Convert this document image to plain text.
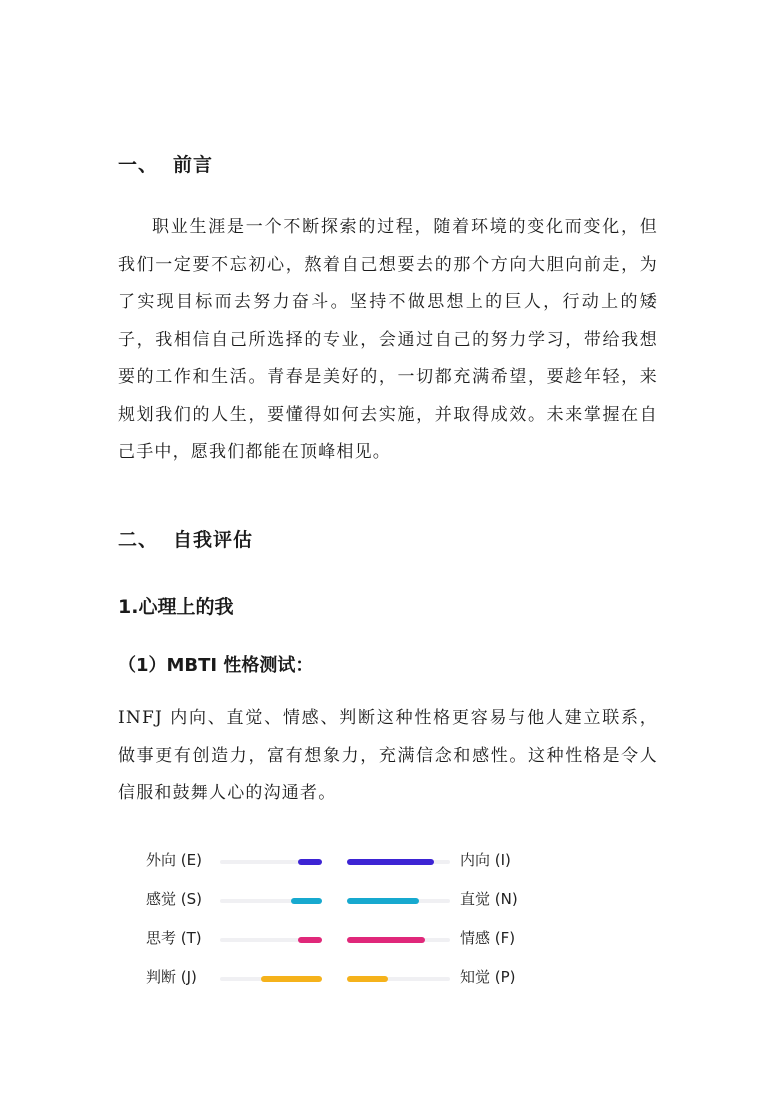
一、 前言
职业生涯是一个不断探索的过程，随着环境的变化而变化，但我们一定要不忘初心，熬着自己想要去的那个方向大胆向前走，为了实现目标而去努力奋斗。坚持不做思想上的巨人，行动上的矮子，我相信自己所选择的专业，会通过自己的努力学习，带给我想要的工作和生活。青春是美好的，一切都充满希望，要趁年轻，来规划我们的人生，要懂得如何去实施，并取得成效。未来掌握在自己手中，愿我们都能在顶峰相见。
二、 自我评估
1.心理上的我
（1）MBTI 性格测试：
INFJ 内向、直觉、情感、判断这种性格更容易与他人建立联系，做事更有创造力，富有想象力，充满信念和感性。这种性格是令人信服和鼓舞人心的沟通者。
外向 (E)	内向 (I)
感觉 (S)	直觉 (N)
思考 (T)	情感 (F)
判断 (J)	知觉 (P)
